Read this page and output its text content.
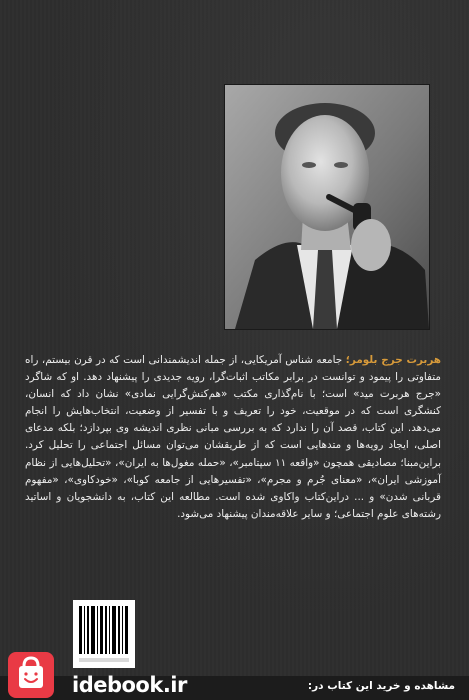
هربرت جرج بلومر؛ جامعه شناس آمریکایی، از جمله اندیشمندانی است که در قرن بیستم، راه متفاوتی را پیمود و توانست در برابر مکاتب اثبات‌گرا، رویه جدیدی را پیشنهاد دهد. او که شاگرد «جرج هربرت مید» است؛ با نام‌گذاری مکتب «هم‌کنش‌گرایی نمادی» نشان داد که انسان، کنشگری است که در موقعیت، خود را تعریف و با تفسیر از وضعیت، انتخاب‌هایش را انجام می‌دهد. این کتاب، قصد آن را ندارد که به بررسی مبانی نظری اندیشه وی بپردازد؛ بلکه مدعای اصلی، ایجاد رویه‌ها و متدهایی است که از طریقشان می‌توان مسائل اجتماعی را تحلیل کرد. براین‌مبنا؛ مصادیقی همچون «واقعه ۱۱ سپتامبر»، «حمله مغول‌ها به ایران»، «تحلیل‌هایی از نظام آموزشی ایران»، «معنای جُرم و مجرم»، «تفسیرهایی از جامعه کوبا»، «خودکاوی»، «مفهوم قربانی شدن» و ... دراین‌کتاب واکاوی شده است. مطالعه این کتاب، به دانشجویان و اساتید رشته‌های علوم اجتماعی؛ و سایر علاقه‌مندان پیشنهاد می‌شود.

idebook.ir	مشاهده و خرید این کتاب در:
